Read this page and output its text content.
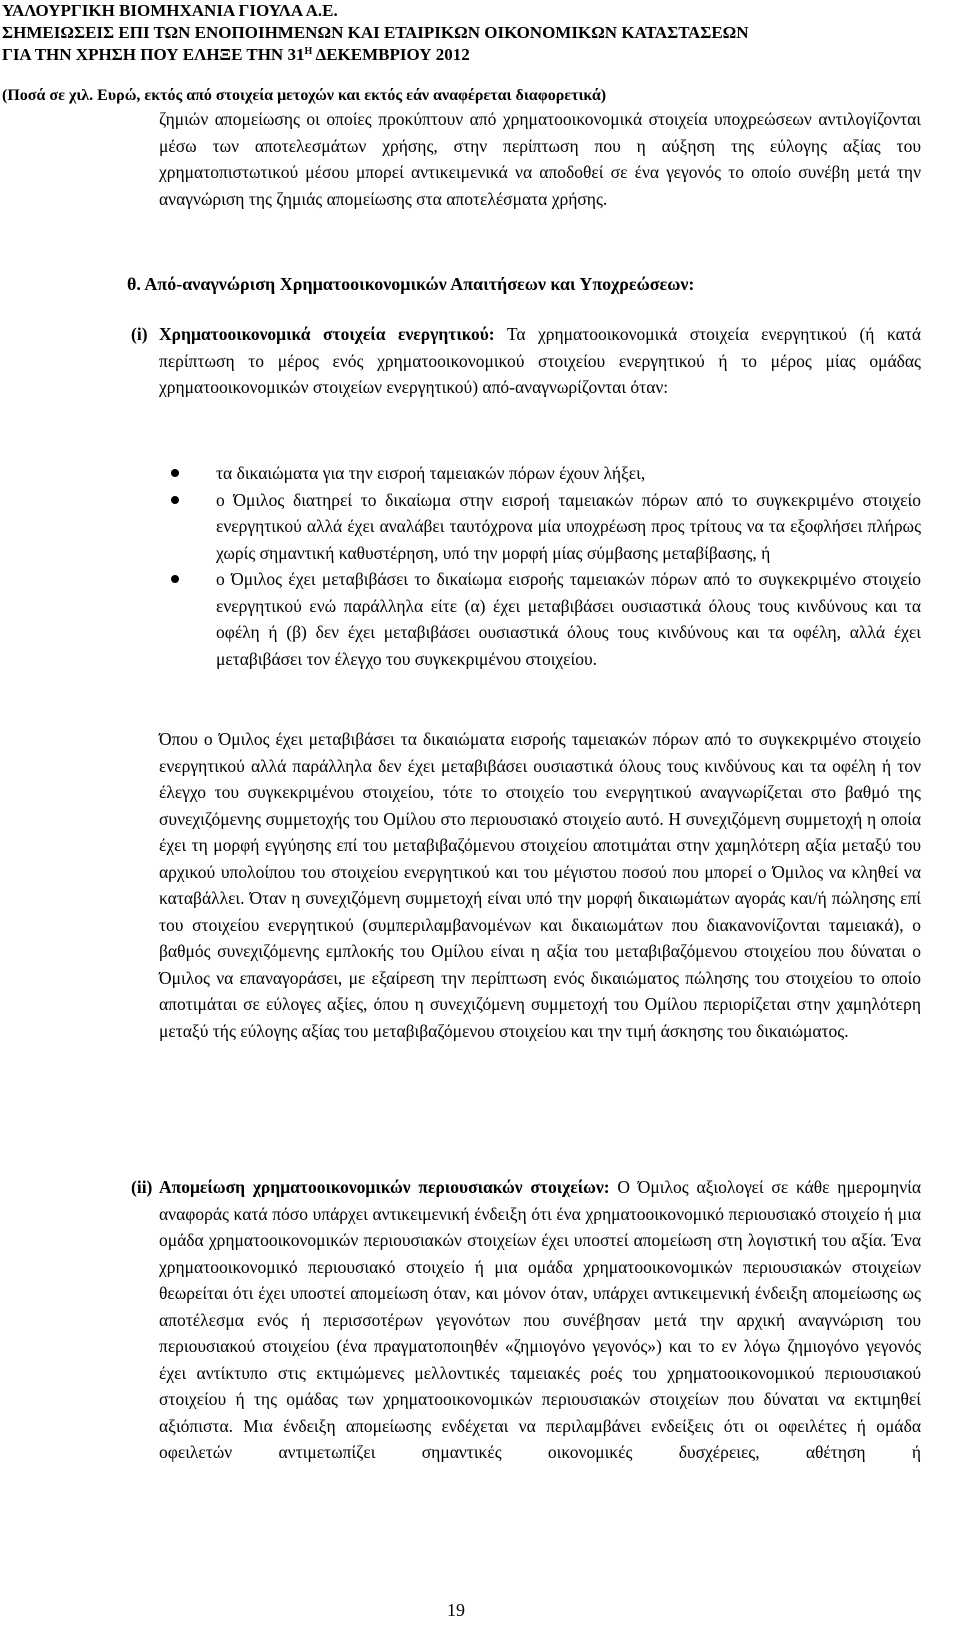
ΥΑΛΟΥΡΓΙΚΗ ΒΙΟΜΗΧΑΝΙΑ ΓΙΟΥΛΑ Α.Ε.
ΣΗΜΕΙΩΣΕΙΣ ΕΠΙ ΤΩΝ ΕΝΟΠΟΙΗΜΕΝΩΝ ΚΑΙ ΕΤΑΙΡΙΚΩΝ ΟΙΚΟΝΟΜΙΚΩΝ ΚΑΤΑΣΤΑΣΕΩΝ
ΓΙΑ ΤΗΝ ΧΡΗΣΗ ΠΟΥ ΕΛΗΞΕ ΤΗΝ $31^H$ ΔΕΚΕΜΒΡΙΟΥ 2012
(Ποσά σε χιλ. Ευρώ, εκτός από στοιχεία μετοχών και εκτός εάν αναφέρεται διαφορετικά)
ζημιών απομείωσης οι οποίες προκύπτουν από χρηματοοικονομικά στοιχεία υποχρεώσεων αντιλογίζονται μέσω των αποτελεσμάτων χρήσης, στην περίπτωση που η αύξηση της εύλογης αξίας του χρηματοπιστωτικού μέσου μπορεί αντικειμενικά να αποδοθεί σε ένα γεγονός το οποίο συνέβη μετά την αναγνώριση της ζημιάς απομείωσης στα αποτελέσματα χρήσης.
θ. Από-αναγνώριση Χρηματοοικονομικών Απαιτήσεων και Υποχρεώσεων:
(i) Χρηματοοικονομικά στοιχεία ενεργητικού: Τα χρηματοοικονομικά στοιχεία ενεργητικού (ή κατά περίπτωση το μέρος ενός χρηματοοικονομικού στοιχείου ενεργητικού ή το μέρος μίας ομάδας χρηματοοικονομικών στοιχείων ενεργητικού) από-αναγνωρίζονται όταν:
τα δικαιώματα για την εισροή ταμειακών πόρων έχουν λήξει,
ο Όμιλος διατηρεί το δικαίωμα στην εισροή ταμειακών πόρων από το συγκεκριμένο στοιχείο ενεργητικού αλλά έχει αναλάβει ταυτόχρονα μία υποχρέωση προς τρίτους να τα εξοφλήσει πλήρως χωρίς σημαντική καθυστέρηση, υπό την μορφή μίας σύμβασης μεταβίβασης, ή
ο Όμιλος έχει μεταβιβάσει το δικαίωμα εισροής ταμειακών πόρων από το συγκεκριμένο στοιχείο ενεργητικού ενώ παράλληλα είτε (α) έχει μεταβιβάσει ουσιαστικά όλους τους κινδύνους και τα οφέλη ή (β) δεν έχει μεταβιβάσει ουσιαστικά όλους τους κινδύνους και τα οφέλη, αλλά έχει μεταβιβάσει τον έλεγχο του συγκεκριμένου στοιχείου.
Όπου ο Όμιλος έχει μεταβιβάσει τα δικαιώματα εισροής ταμειακών πόρων από το συγκεκριμένο στοιχείο ενεργητικού αλλά παράλληλα δεν έχει μεταβιβάσει ουσιαστικά όλους τους κινδύνους και τα οφέλη ή τον έλεγχο του συγκεκριμένου στοιχείου, τότε το στοιχείο του ενεργητικού αναγνωρίζεται στο βαθμό της συνεχιζόμενης συμμετοχής του Ομίλου στο περιουσιακό στοιχείο αυτό. Η συνεχιζόμενη συμμετοχή η οποία έχει τη μορφή εγγύησης επί του μεταβιβαζόμενου στοιχείου αποτιμάται στην χαμηλότερη αξία μεταξύ του αρχικού υπολοίπου του στοιχείου ενεργητικού και του μέγιστου ποσού που μπορεί ο Όμιλος να κληθεί να καταβάλλει. Όταν η συνεχιζόμενη συμμετοχή είναι υπό την μορφή δικαιωμάτων αγοράς και/ή πώλησης επί του στοιχείου ενεργητικού (συμπεριλαμβανομένων και δικαιωμάτων που διακανονίζονται ταμειακά), ο βαθμός συνεχιζόμενης εμπλοκής του Ομίλου είναι η αξία του μεταβιβαζόμενου στοιχείου που δύναται ο Όμιλος να επαναγοράσει, με εξαίρεση την περίπτωση ενός δικαιώματος πώλησης του στοιχείου το οποίο αποτιμάται σε εύλογες αξίες, όπου η συνεχιζόμενη συμμετοχή του Ομίλου περιορίζεται στην χαμηλότερη μεταξύ τής εύλογης αξίας του μεταβιβαζόμενου στοιχείου και την τιμή άσκησης του δικαιώματος.
(ii) Απομείωση χρηματοοικονομικών περιουσιακών στοιχείων: Ο Όμιλος αξιολογεί σε κάθε ημερομηνία αναφοράς κατά πόσο υπάρχει αντικειμενική ένδειξη ότι ένα χρηματοοικονομικό περιουσιακό στοιχείο ή μια ομάδα χρηματοοικονομικών περιουσιακών στοιχείων έχει υποστεί απομείωση στη λογιστική του αξία. Ένα χρηματοοικονομικό περιουσιακό στοιχείο ή μια ομάδα χρηματοοικονομικών περιουσιακών στοιχείων θεωρείται ότι έχει υποστεί απομείωση όταν, και μόνον όταν, υπάρχει αντικειμενική ένδειξη απομείωσης ως αποτέλεσμα ενός ή περισσοτέρων γεγονότων που συνέβησαν μετά την αρχική αναγνώριση του περιουσιακού στοιχείου (ένα πραγματοποιηθέν «ζημιογόνο γεγονός») και το εν λόγω ζημιογόνο γεγονός έχει αντίκτυπο στις εκτιμώμενες μελλοντικές ταμειακές ροές του χρηματοοικονομικού περιουσιακού στοιχείου ή της ομάδας των χρηματοοικονομικών περιουσιακών στοιχείων που δύναται να εκτιμηθεί αξιόπιστα. Μια ένδειξη απομείωσης ενδέχεται να περιλαμβάνει ενδείξεις ότι οι οφειλέτες ή ομάδα οφειλετών αντιμετωπίζει σημαντικές οικονομικές δυσχέρειες, αθέτηση ή
19
